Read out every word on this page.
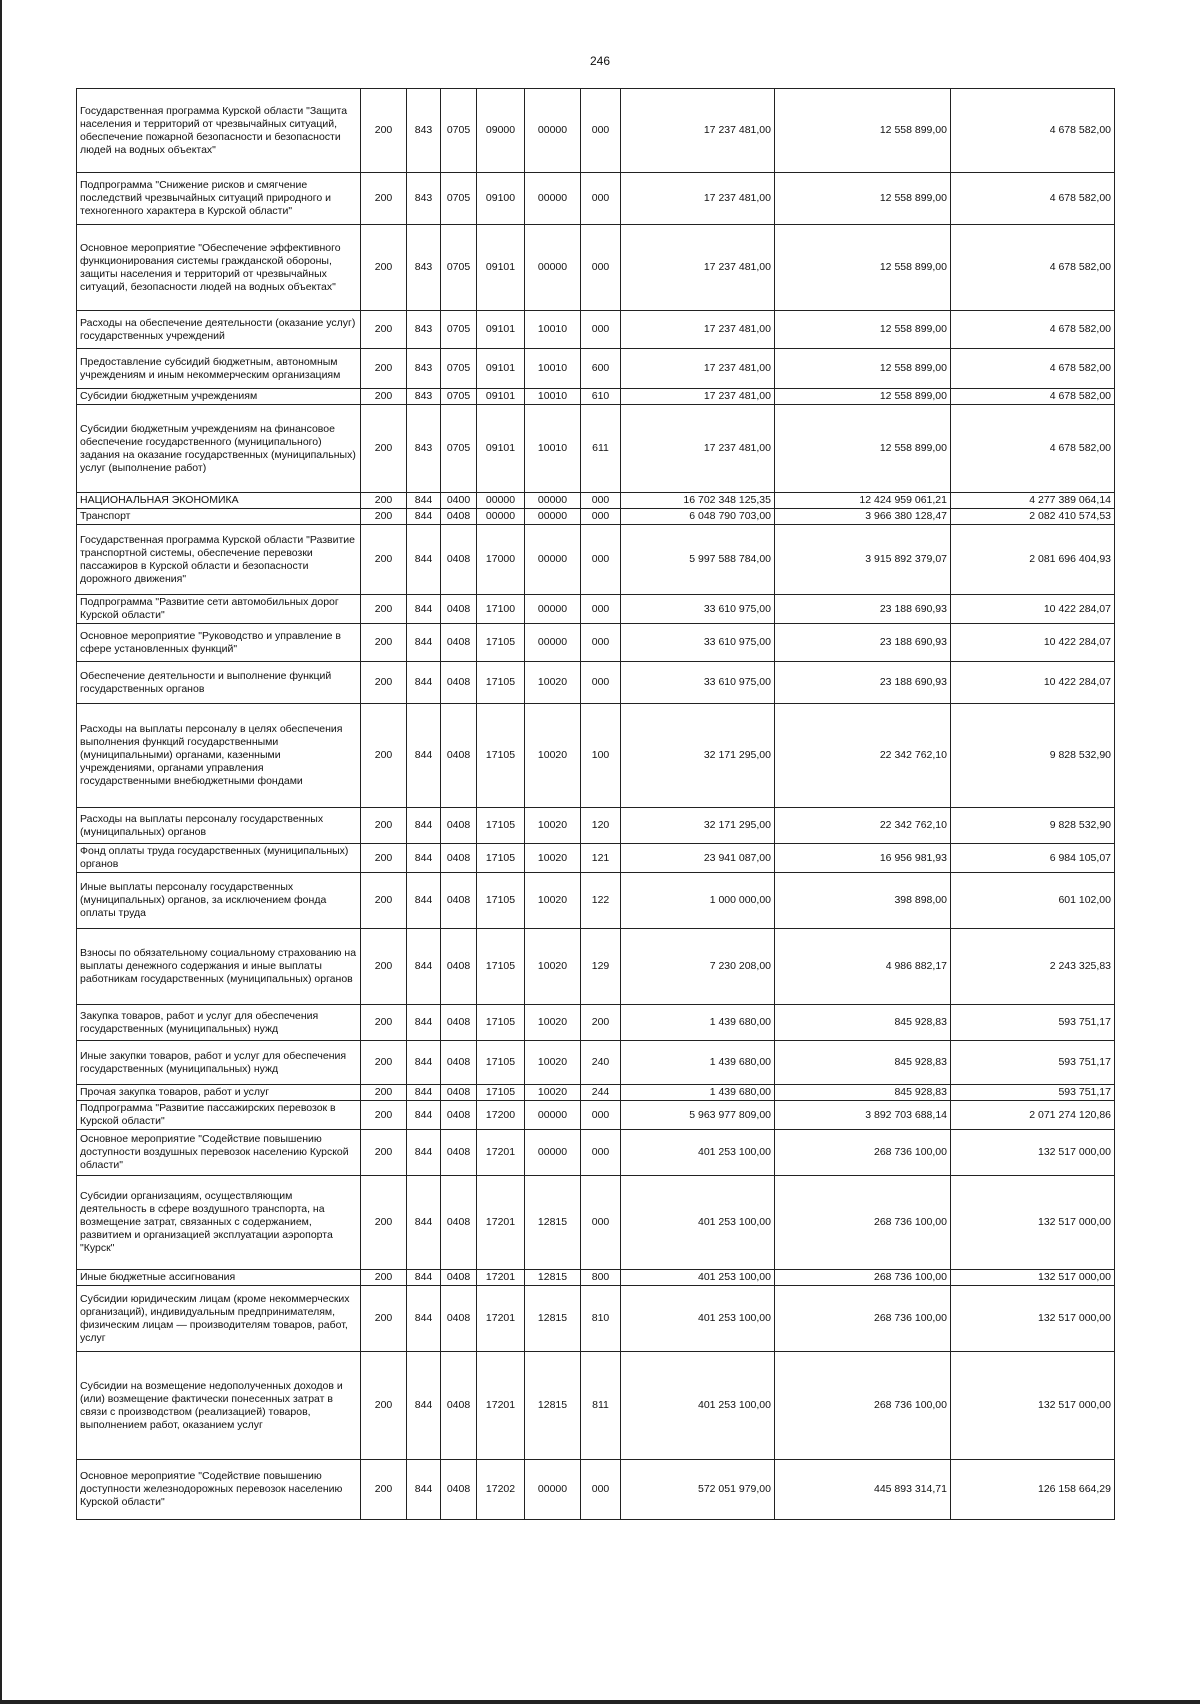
246
Государственная программа Курской области "Защита населения и территорий от чрезвычайных ситуаций, обеспечение пожарной безопасности и безопасности людей на водных объектах"	200	843	0705	09000	00000	000	17 237 481,00	12 558 899,00	4 678 582,00
Подпрограмма "Снижение рисков и смягчение последствий чрезвычайных ситуаций природного и техногенного характера в Курской области"	200	843	0705	09100	00000	000	17 237 481,00	12 558 899,00	4 678 582,00
Основное мероприятие "Обеспечение эффективного функционирования системы гражданской обороны, защиты населения и территорий от чрезвычайных ситуаций, безопасности людей на водных объектах"	200	843	0705	09101	00000	000	17 237 481,00	12 558 899,00	4 678 582,00
Расходы на обеспечение деятельности (оказание услуг) государственных учреждений	200	843	0705	09101	10010	000	17 237 481,00	12 558 899,00	4 678 582,00
Предоставление субсидий бюджетным, автономным учреждениям и иным некоммерческим организациям	200	843	0705	09101	10010	600	17 237 481,00	12 558 899,00	4 678 582,00
Субсидии бюджетным учреждениям	200	843	0705	09101	10010	610	17 237 481,00	12 558 899,00	4 678 582,00
Субсидии бюджетным учреждениям на финансовое обеспечение государственного (муниципального) задания на оказание государственных (муниципальных) услуг (выполнение работ)	200	843	0705	09101	10010	611	17 237 481,00	12 558 899,00	4 678 582,00
НАЦИОНАЛЬНАЯ ЭКОНОМИКА	200	844	0400	00000	00000	000	16 702 348 125,35	12 424 959 061,21	4 277 389 064,14
Транспорт	200	844	0408	00000	00000	000	6 048 790 703,00	3 966 380 128,47	2 082 410 574,53
Государственная программа Курской области "Развитие транспортной системы, обеспечение перевозки пассажиров в Курской области и безопасности дорожного движения"	200	844	0408	17000	00000	000	5 997 588 784,00	3 915 892 379,07	2 081 696 404,93
Подпрограмма "Развитие сети автомобильных дорог Курской области"	200	844	0408	17100	00000	000	33 610 975,00	23 188 690,93	10 422 284,07
Основное мероприятие "Руководство и управление в сфере установленных функций"	200	844	0408	17105	00000	000	33 610 975,00	23 188 690,93	10 422 284,07
Обеспечение деятельности и выполнение функций государственных органов	200	844	0408	17105	10020	000	33 610 975,00	23 188 690,93	10 422 284,07
Расходы на выплаты персоналу в целях обеспечения выполнения функций государственными (муниципальными) органами, казенными учреждениями, органами управления государственными внебюджетными фондами	200	844	0408	17105	10020	100	32 171 295,00	22 342 762,10	9 828 532,90
Расходы на выплаты персоналу государственных (муниципальных) органов	200	844	0408	17105	10020	120	32 171 295,00	22 342 762,10	9 828 532,90
Фонд оплаты труда государственных (муниципальных) органов	200	844	0408	17105	10020	121	23 941 087,00	16 956 981,93	6 984 105,07
Иные выплаты персоналу государственных (муниципальных) органов, за исключением фонда оплаты труда	200	844	0408	17105	10020	122	1 000 000,00	398 898,00	601 102,00
Взносы по обязательному социальному страхованию на выплаты денежного содержания и иные выплаты работникам государственных (муниципальных) органов	200	844	0408	17105	10020	129	7 230 208,00	4 986 882,17	2 243 325,83
Закупка товаров, работ и услуг для обеспечения государственных (муниципальных) нужд	200	844	0408	17105	10020	200	1 439 680,00	845 928,83	593 751,17
Иные закупки товаров, работ и услуг для обеспечения государственных (муниципальных) нужд	200	844	0408	17105	10020	240	1 439 680,00	845 928,83	593 751,17
Прочая закупка товаров, работ и услуг	200	844	0408	17105	10020	244	1 439 680,00	845 928,83	593 751,17
Подпрограмма "Развитие пассажирских перевозок в Курской области"	200	844	0408	17200	00000	000	5 963 977 809,00	3 892 703 688,14	2 071 274 120,86
Основное мероприятие "Содействие повышению доступности воздушных перевозок населению Курской области"	200	844	0408	17201	00000	000	401 253 100,00	268 736 100,00	132 517 000,00
Субсидии организациям, осуществляющим деятельность в сфере воздушного транспорта, на возмещение затрат, связанных с содержанием, развитием и организацией эксплуатации аэропорта "Курск"	200	844	0408	17201	12815	000	401 253 100,00	268 736 100,00	132 517 000,00
Иные бюджетные ассигнования	200	844	0408	17201	12815	800	401 253 100,00	268 736 100,00	132 517 000,00
Субсидии юридическим лицам (кроме некоммерческих организаций), индивидуальным предпринимателям, физическим лицам — производителям товаров, работ, услуг	200	844	0408	17201	12815	810	401 253 100,00	268 736 100,00	132 517 000,00
Субсидии на возмещение недополученных доходов и (или) возмещение фактически понесенных затрат в связи с производством (реализацией) товаров, выполнением работ, оказанием услуг	200	844	0408	17201	12815	811	401 253 100,00	268 736 100,00	132 517 000,00
Основное мероприятие "Содействие повышению доступности железнодорожных перевозок населению Курской области"	200	844	0408	17202	00000	000	572 051 979,00	445 893 314,71	126 158 664,29
